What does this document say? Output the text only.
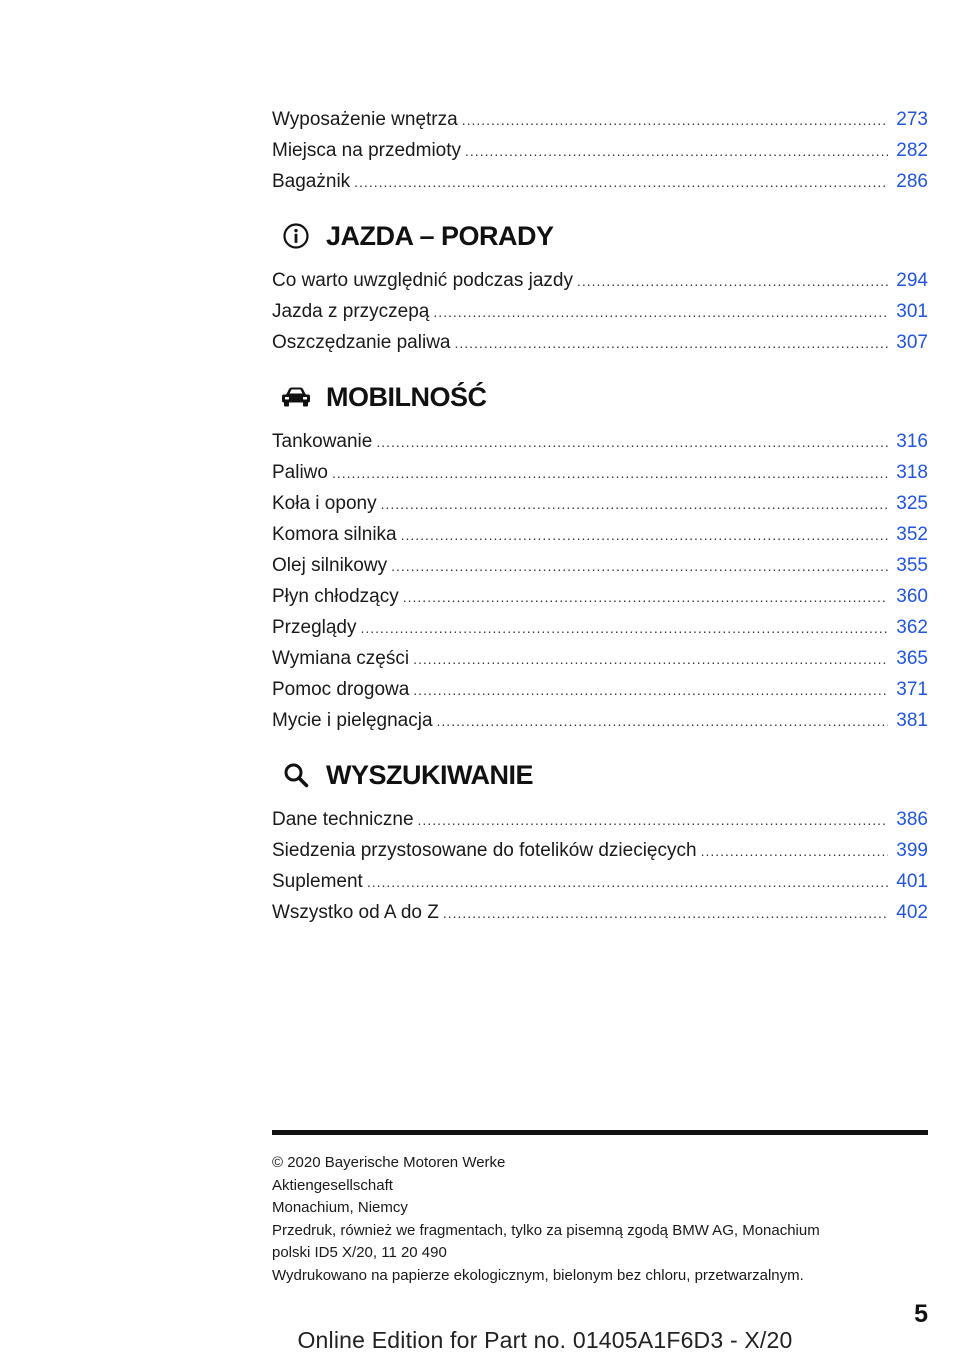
Wyposażenie wnętrza .....	273
Miejsca na przedmioty .....	282
Bagażnik .....	286
JAZDA – PORADY
Co warto uwzględnić podczas jazdy .....	294
Jazda z przyczepą .....	301
Oszczędzanie paliwa .....	307
MOBILNOŚĆ
Tankowanie .....	316
Paliwo .....	318
Koła i opony .....	325
Komora silnika .....	352
Olej silnikowy .....	355
Płyn chłodzący .....	360
Przeglądy .....	362
Wymiana części .....	365
Pomoc drogowa .....	371
Mycie i pielęgnacja .....	381
WYSZUKIWANIE
Dane techniczne .....	386
Siedzenia przystosowane do fotelików dziecięcych .....	399
Suplement .....	401
Wszystko od A do Z .....	402
© 2020 Bayerische Motoren Werke
Aktiengesellschaft
Monachium, Niemcy
Przedruk, również we fragmentach, tylko za pisemną zgodą BMW AG, Monachium
polski ID5 X/20, 11 20 490
Wydrukowano na papierze ekologicznym, bielonym bez chloru, przetwarzalnym.
5
Online Edition for Part no. 01405A1F6D3 - X/20
